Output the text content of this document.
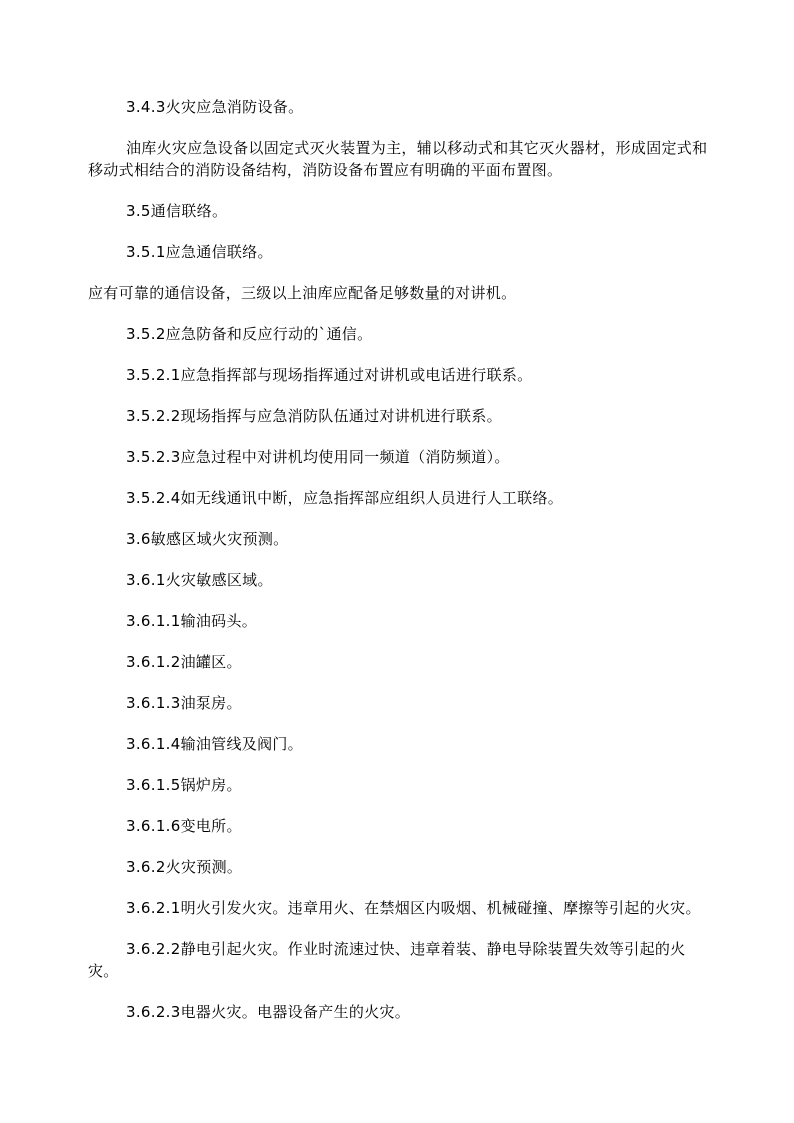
3.4.3火灾应急消防设备。

油库火灾应急设备以固定式灭火装置为主，辅以移动式和其它灭火器材，形成固定式和移动式相结合的消防设备结构，消防设备布置应有明确的平面布置图。

3.5通信联络。

3.5.1应急通信联络。

应有可靠的通信设备，三级以上油库应配备足够数量的对讲机。

3.5.2应急防备和反应行动的`通信。

3.5.2.1应急指挥部与现场指挥通过对讲机或电话进行联系。

3.5.2.2现场指挥与应急消防队伍通过对讲机进行联系。

3.5.2.3应急过程中对讲机均使用同一频道（消防频道）。

3.5.2.4如无线通讯中断，应急指挥部应组织人员进行人工联络。

3.6敏感区域火灾预测。

3.6.1火灾敏感区域。

3.6.1.1输油码头。

3.6.1.2油罐区。

3.6.1.3油泵房。

3.6.1.4输油管线及阀门。

3.6.1.5锅炉房。

3.6.1.6变电所。

3.6.2火灾预测。

3.6.2.1明火引发火灾。违章用火、在禁烟区内吸烟、机械碰撞、摩擦等引起的火灾。

3.6.2.2静电引起火灾。作业时流速过快、违章着装、静电导除装置失效等引起的火灾。

3.6.2.3电器火灾。电器设备产生的火灾。
